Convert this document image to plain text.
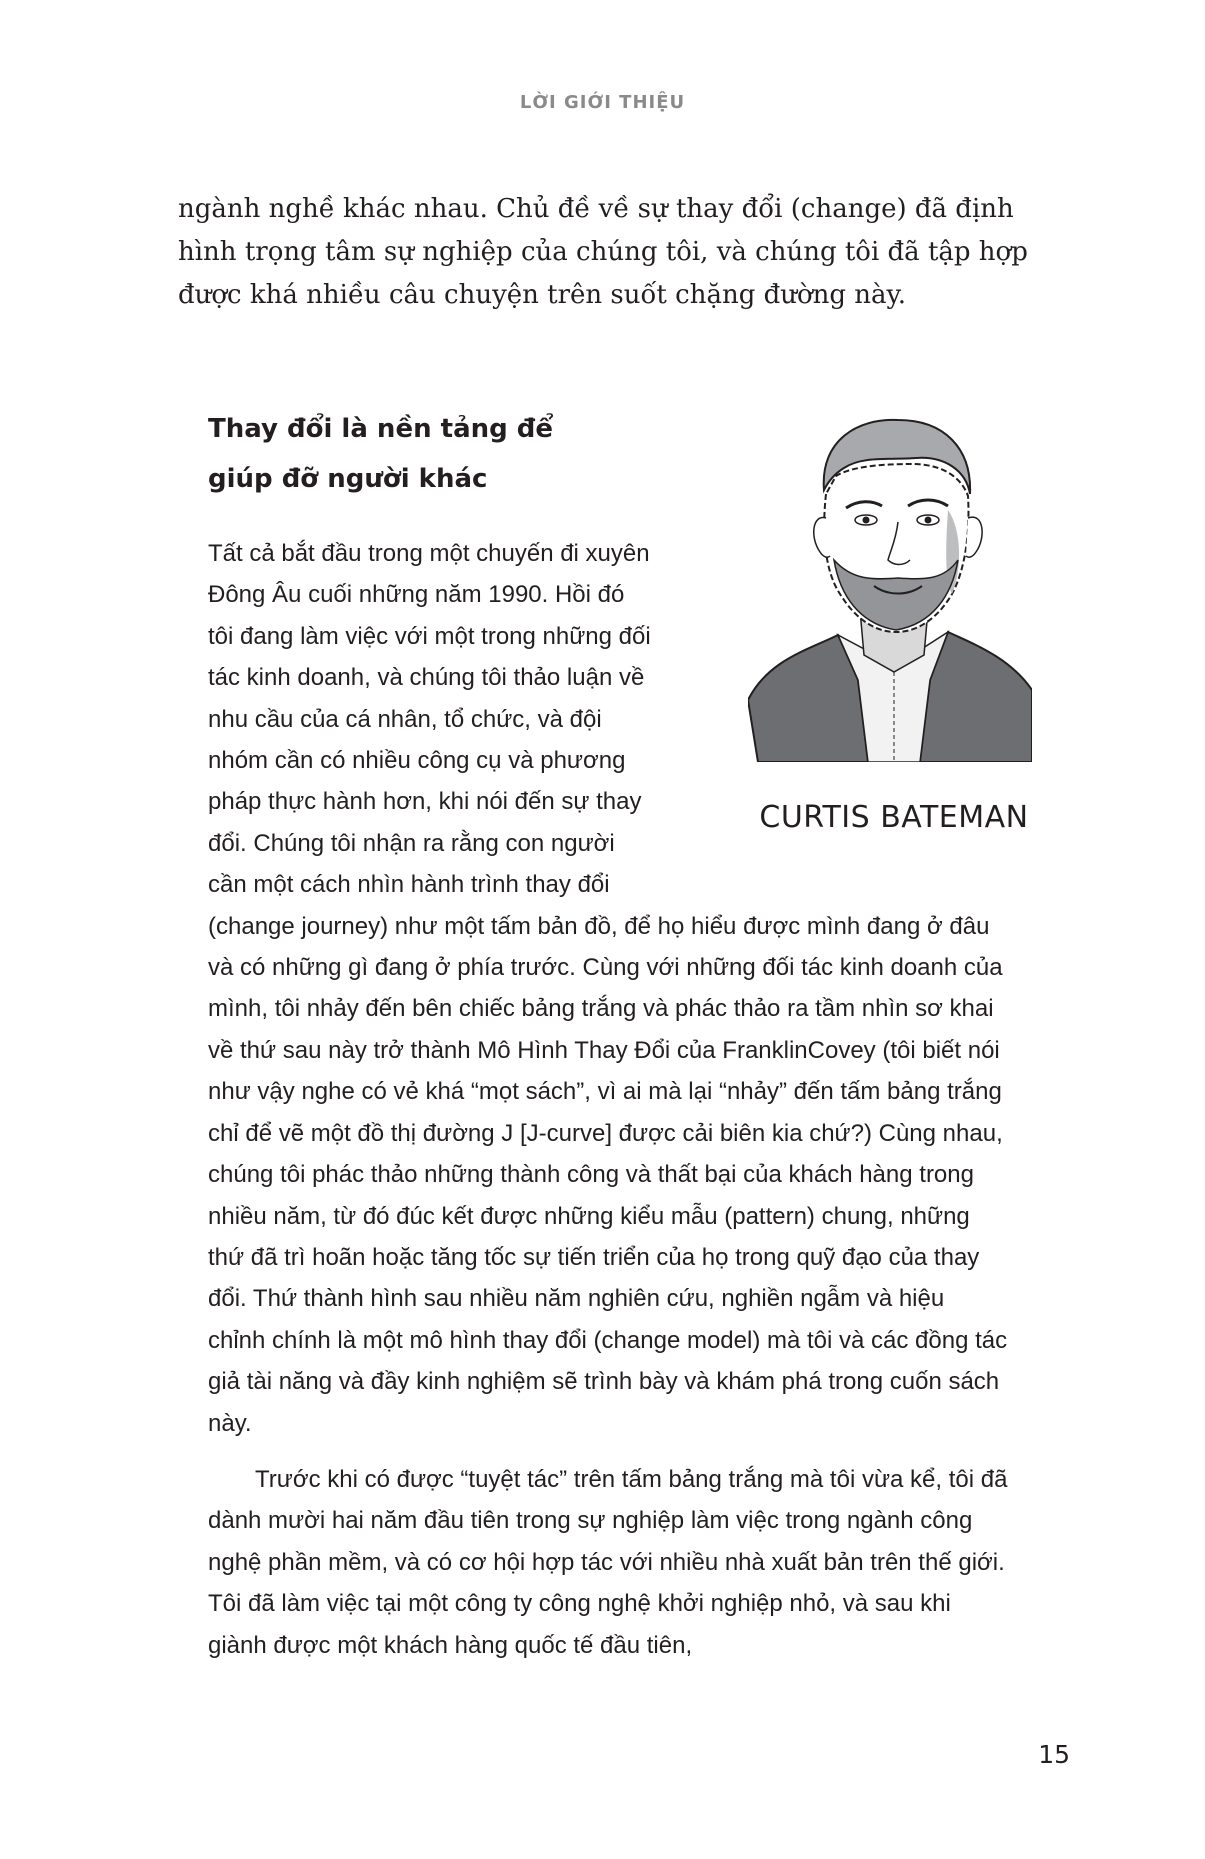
LỜI GIỚI THIỆU

ngành nghề khác nhau. Chủ đề về sự thay đổi (change) đã định hình trọng tâm sự nghiệp của chúng tôi, và chúng tôi đã tập hợp được khá nhiều câu chuyện trên suốt chặng đường này.

Thay đổi là nền tảng để
giúp đỡ người khác

Tất cả bắt đầu trong một chuyến đi xuyên Đông Âu cuối những năm 1990. Hồi đó tôi đang làm việc với một trong những đối tác kinh doanh, và chúng tôi thảo luận về nhu cầu của cá nhân, tổ chức, và đội nhóm cần có nhiều công cụ và phương pháp thực hành hơn, khi nói đến sự thay đổi. Chúng tôi nhận ra rằng con người cần một cách nhìn hành trình thay đổi (change journey) như một tấm bản đồ, để họ hiểu được mình đang ở đâu và có những gì đang ở phía trước. Cùng với những đối tác kinh doanh của mình, tôi nhảy đến bên chiếc bảng trắng và phác thảo ra tầm nhìn sơ khai về thứ sau này trở thành Mô Hình Thay Đổi của FranklinCovey (tôi biết nói như vậy nghe có vẻ khá “mọt sách”, vì ai mà lại “nhảy” đến tấm bảng trắng chỉ để vẽ một đồ thị đường J [J-curve] được cải biên kia chứ?) Cùng nhau, chúng tôi phác thảo những thành công và thất bại của khách hàng trong nhiều năm, từ đó đúc kết được những kiểu mẫu (pattern) chung, những thứ đã trì hoãn hoặc tăng tốc sự tiến triển của họ trong quỹ đạo của thay đổi. Thứ thành hình sau nhiều năm nghiên cứu, nghiền ngẫm và hiệu chỉnh chính là một mô hình thay đổi (change model) mà tôi và các đồng tác giả tài năng và đầy kinh nghiệm sẽ trình bày và khám phá trong cuốn sách này.

Trước khi có được “tuyệt tác” trên tấm bảng trắng mà tôi vừa kể, tôi đã dành mười hai năm đầu tiên trong sự nghiệp làm việc trong ngành công nghệ phần mềm, và có cơ hội hợp tác với nhiều nhà xuất bản trên thế giới. Tôi đã làm việc tại một công ty công nghệ khởi nghiệp nhỏ, và sau khi giành được một khách hàng quốc tế đầu tiên,

CURTIS BATEMAN
15
